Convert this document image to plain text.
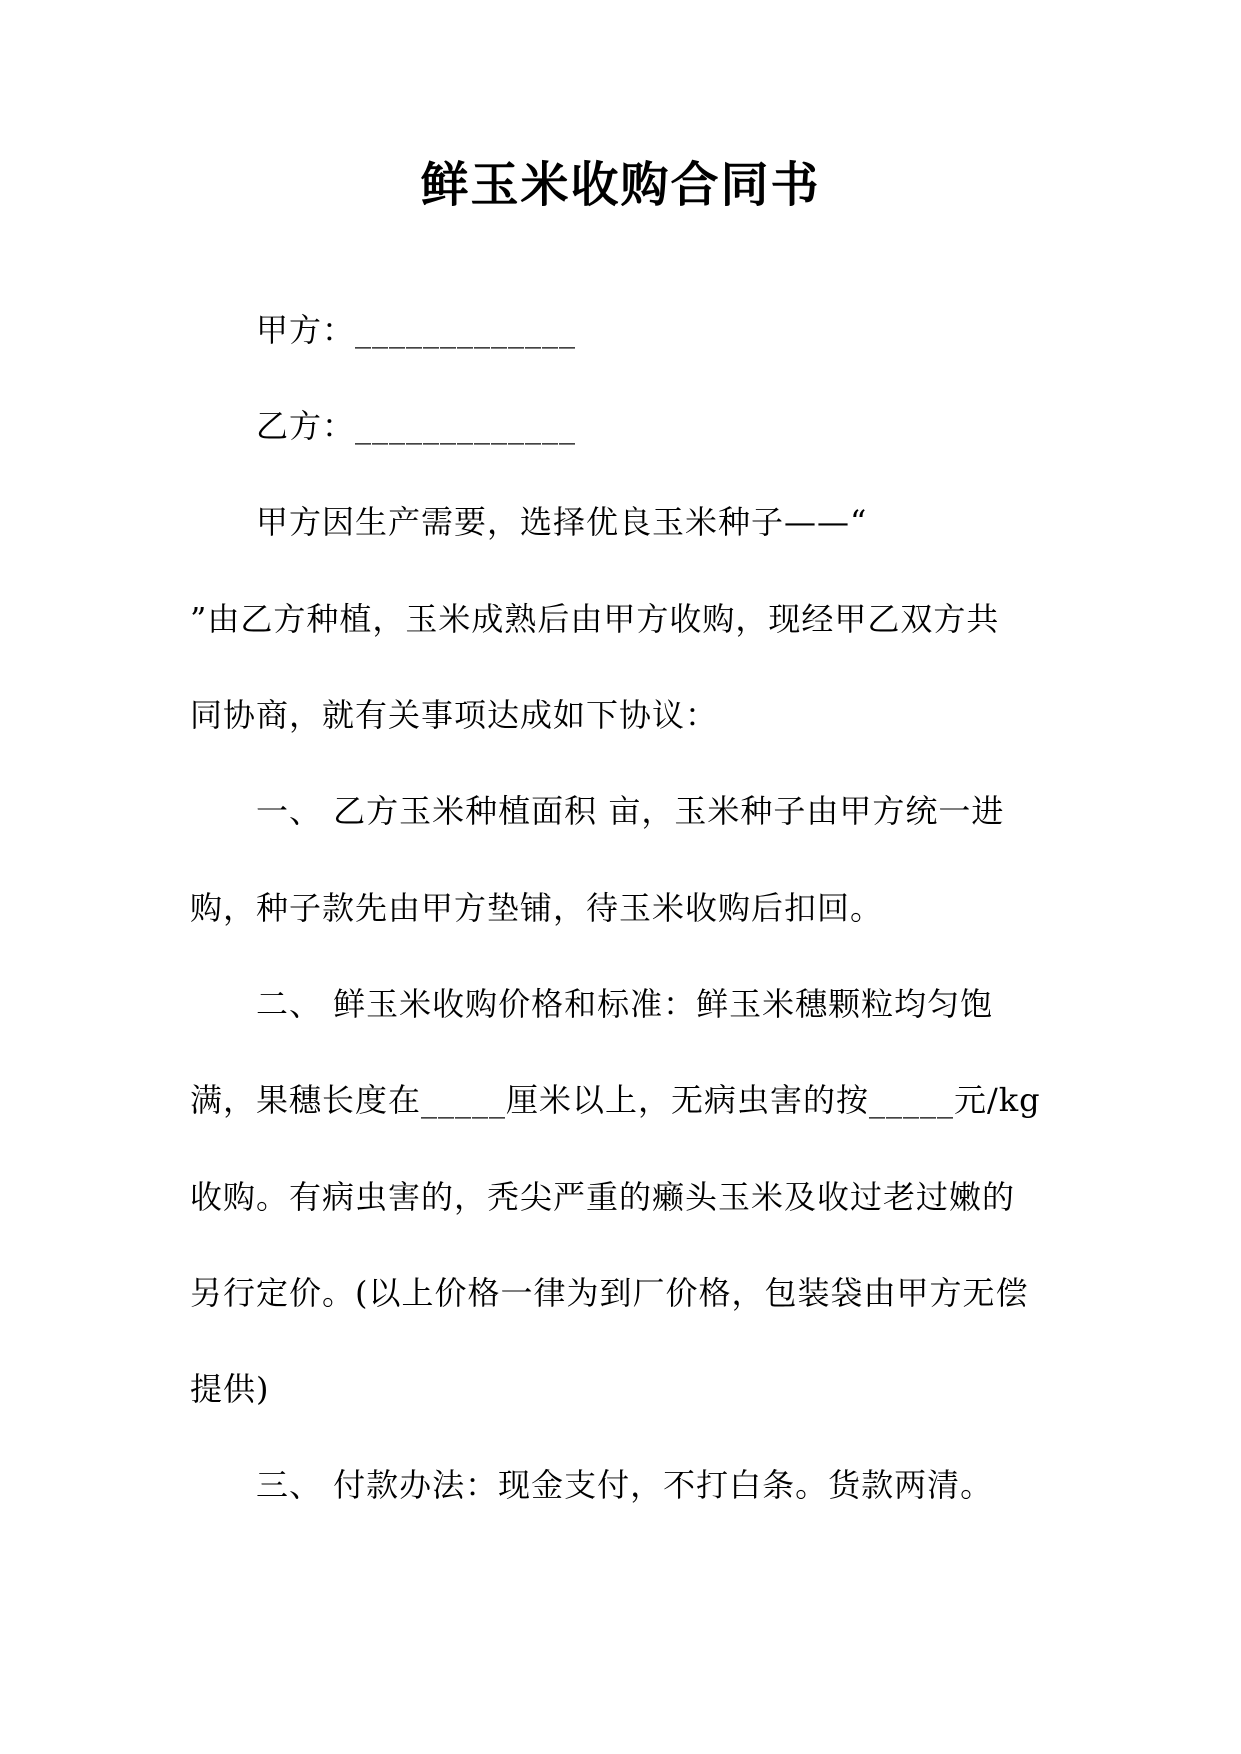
鲜玉米收购合同书
甲方：_____________
乙方：_____________
甲方因生产需要，选择优良玉米种子——“
”由乙方种植，玉米成熟后由甲方收购，现经甲乙双方共
同协商，就有关事项达成如下协议：
一、 乙方玉米种植面积 亩，玉米种子由甲方统一进
购，种子款先由甲方垫铺，待玉米收购后扣回。
二、 鲜玉米收购价格和标准：鲜玉米穗颗粒均匀饱
满，果穗长度在_____厘米以上，无病虫害的按_____元/kg
收购。有病虫害的，秃尖严重的癞头玉米及收过老过嫩的
另行定价。(以上价格一律为到厂价格，包装袋由甲方无偿
提供)
三、 付款办法：现金支付，不打白条。货款两清。
